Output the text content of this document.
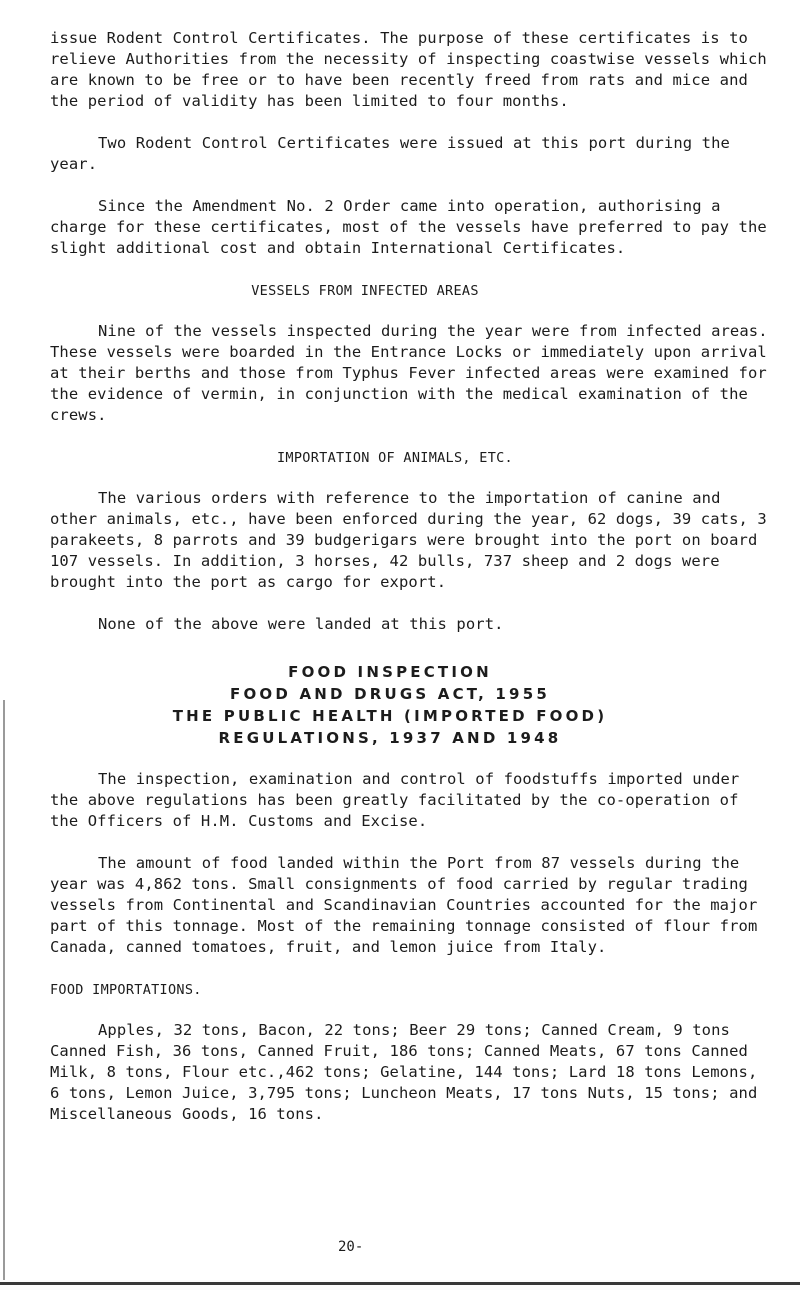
issue Rodent Control Certificates. The purpose of these certificates is to relieve Authorities from the necessity of inspecting coastwise vessels which are known to be free or to have been recently freed from rats and mice and the period of validity has been limited to four months.

Two Rodent Control Certificates were issued at this port during the year.

Since the Amendment No. 2 Order came into operation, authorising a charge for these certificates, most of the vessels have preferred to pay the slight additional cost and obtain International Certificates.

VESSELS FROM INFECTED AREAS

Nine of the vessels inspected during the year were from infected areas. These vessels were boarded in the Entrance Locks or immediately upon arrival at their berths and those from Typhus Fever infected areas were examined for the evidence of vermin, in conjunction with the medical examination of the crews.

IMPORTATION OF ANIMALS, ETC.

The various orders with reference to the importation of canine and other animals, etc., have been enforced during the year, 62 dogs, 39 cats, 3 parakeets, 8 parrots and 39 budgerigars were brought into the port on board 107 vessels. In addition, 3 horses, 42 bulls, 737 sheep and 2 dogs were brought into the port as cargo for export.

None of the above were landed at this port.

FOOD INSPECTION

FOOD AND DRUGS ACT, 1955

THE PUBLIC HEALTH (IMPORTED FOOD)

REGULATIONS, 1937 AND 1948

The inspection, examination and control of foodstuffs imported under the above regulations has been greatly facilitated by the co-operation of the Officers of H.M. Customs and Excise.

The amount of food landed within the Port from 87 vessels during the year was 4,862 tons. Small consignments of food carried by regular trading vessels from Continental and Scandinavian Countries accounted for the major part of this tonnage. Most of the remaining tonnage consisted of flour from Canada, canned tomatoes, fruit, and lemon juice from Italy.

FOOD IMPORTATIONS.

Apples, 32 tons, Bacon, 22 tons; Beer 29 tons; Canned Cream, 9 tons Canned Fish, 36 tons, Canned Fruit, 186 tons; Canned Meats, 67 tons Canned Milk, 8 tons, Flour etc.,462 tons; Gelatine, 144 tons; Lard 18 tons Lemons, 6 tons, Lemon Juice, 3,795 tons; Luncheon Meats, 17 tons Nuts, 15 tons; and Miscellaneous Goods, 16 tons.

20-
